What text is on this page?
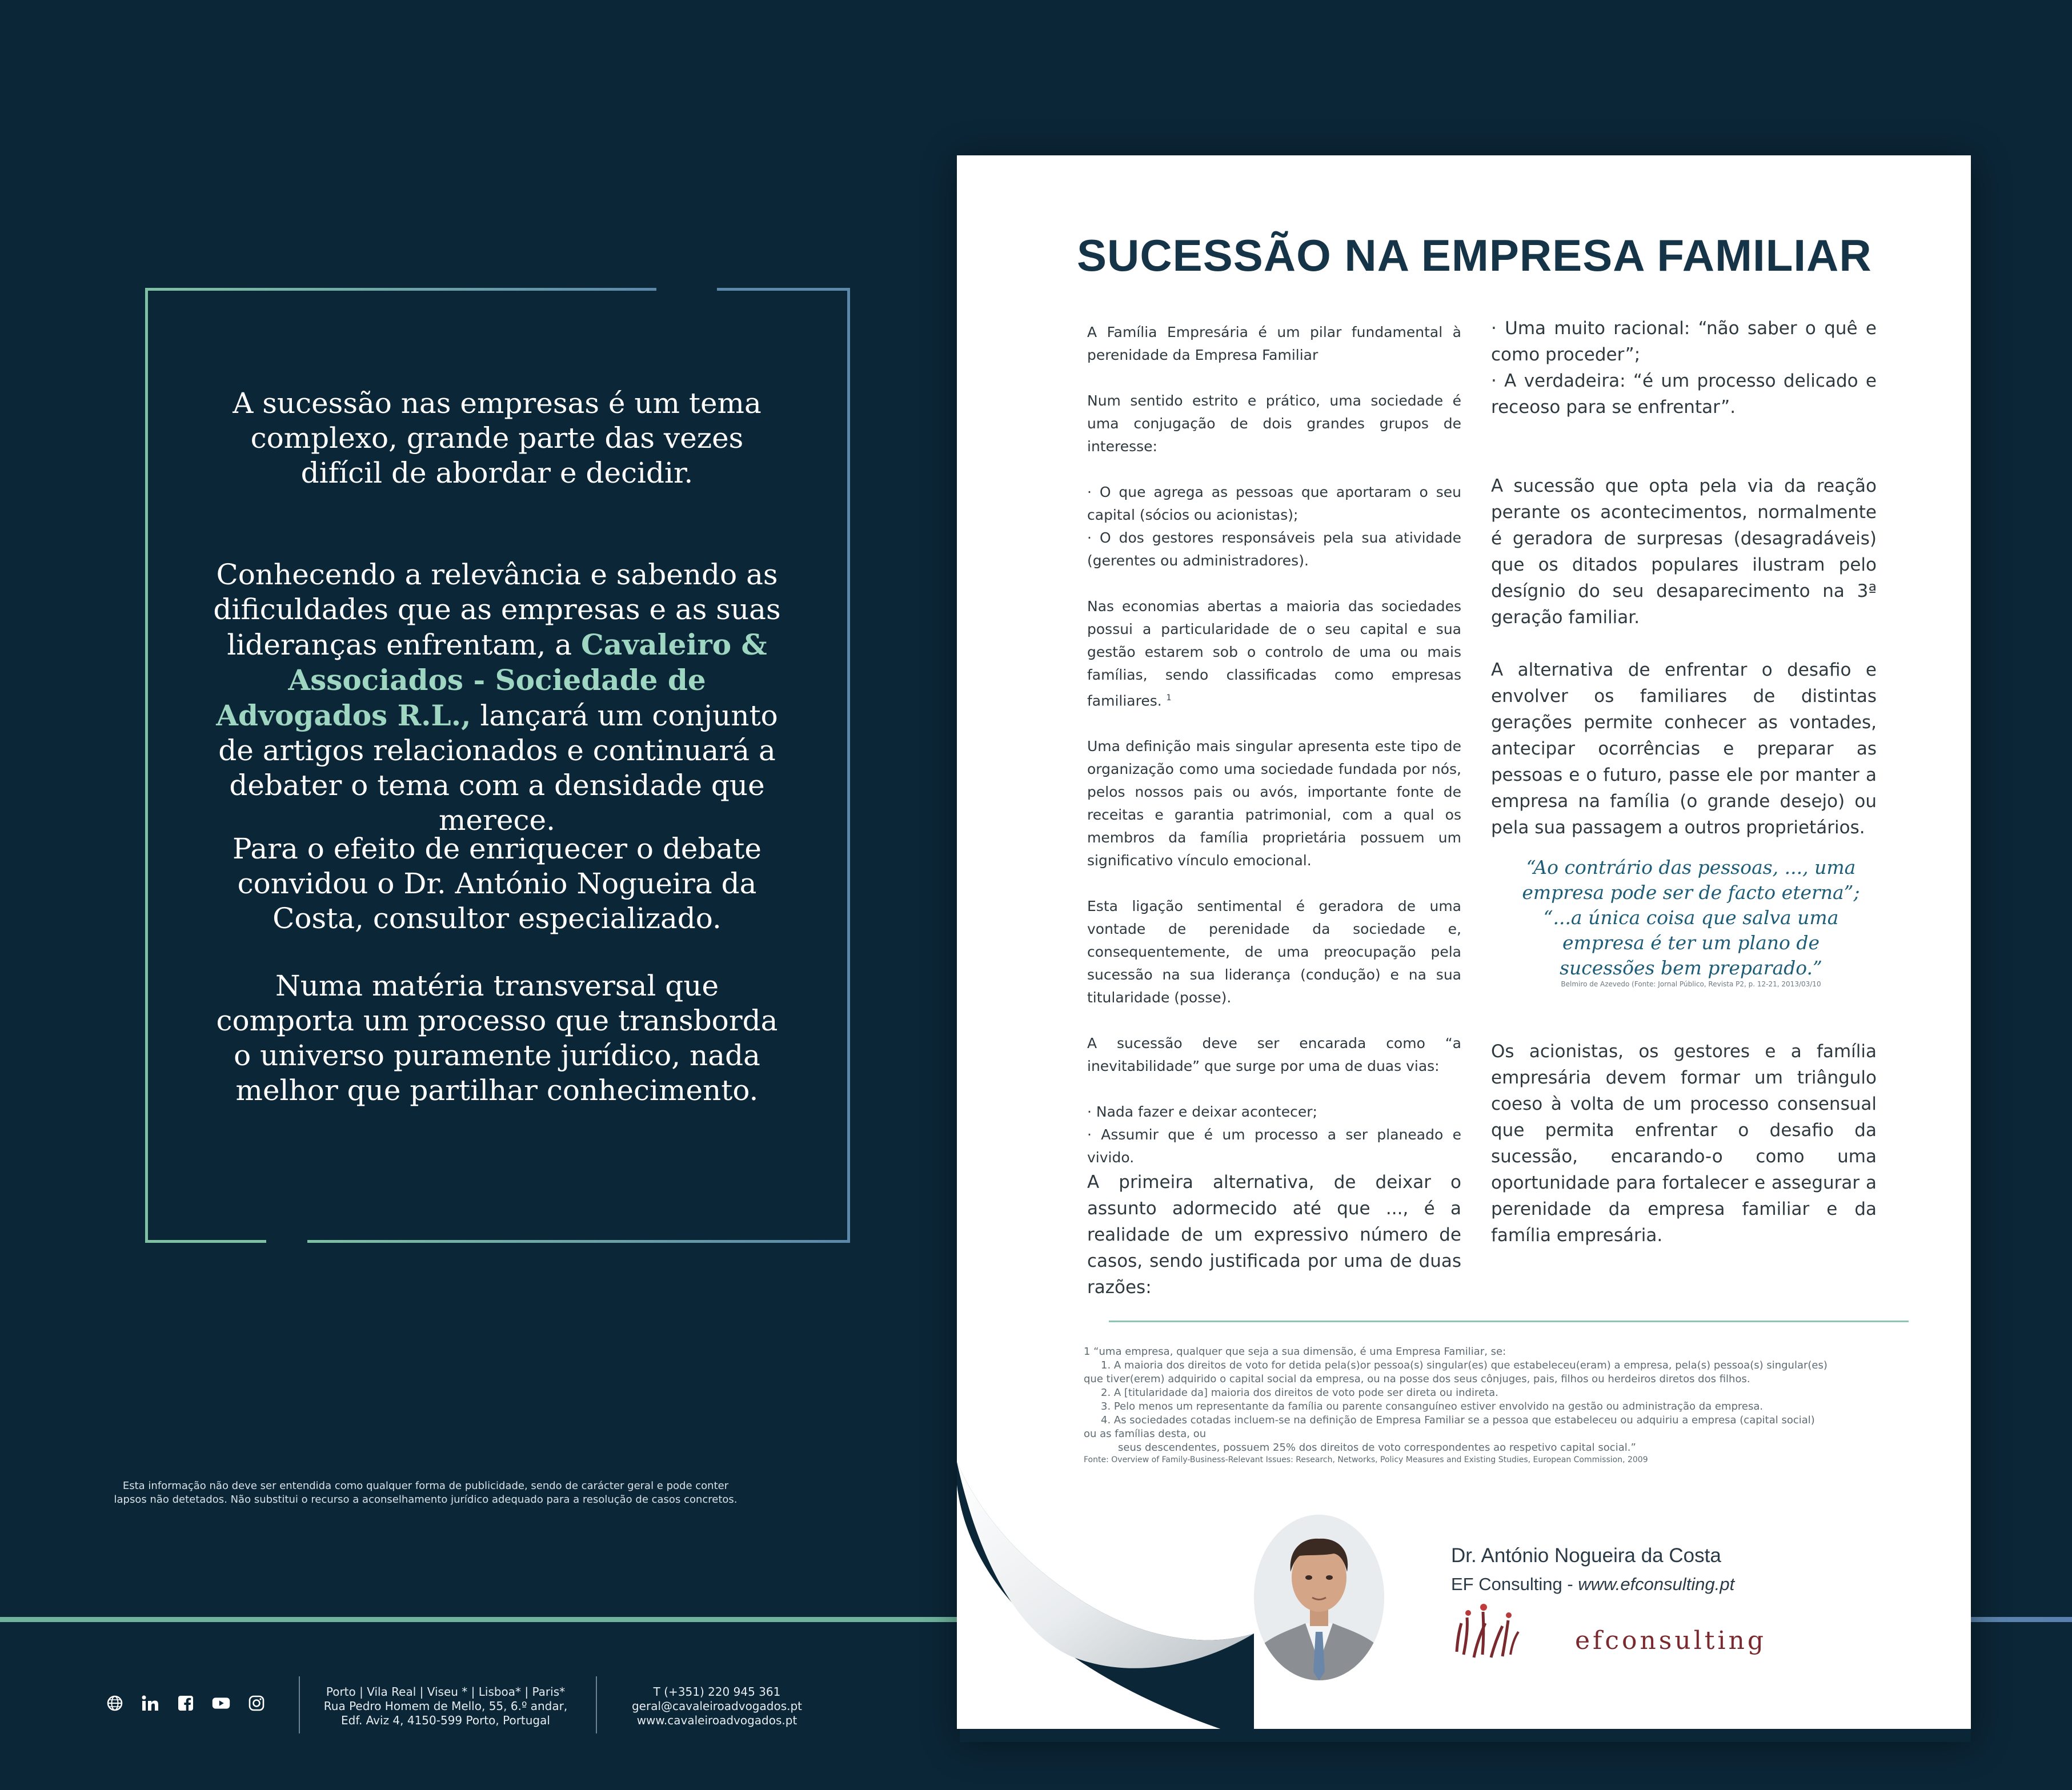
A sucessão nas empresas é um tema complexo, grande parte das vezes difícil de abordar e decidir.

Conhecendo a relevância e sabendo as dificuldades que as empresas e as suas lideranças enfrentam, a Cavaleiro & Associados - Sociedade de Advogados R.L., lançará um conjunto de artigos relacionados e continuará a debater o tema com a densidade que merece.

Para o efeito de enriquecer o debate convidou o Dr. António Nogueira da Costa, consultor especializado.

Numa matéria transversal que comporta um processo que transborda o universo puramente jurídico, nada melhor que partilhar conhecimento.

Esta informação não deve ser entendida como qualquer forma de publicidade, sendo de carácter geral e pode conter
lapsos não detetados. Não substitui o recurso a aconselhamento jurídico adequado para a resolução de casos concretos.
Porto | Vila Real | Viseu * | Lisboa* | Paris*
Rua Pedro Homem de Mello, 55, 6.º andar,
Edf. Aviz 4, 4150-599 Porto, Portugal
T (+351) 220 945 361
geral@cavaleiroadvogados.pt
www.cavaleiroadvogados.pt
SUCESSÃO NA EMPRESA FAMILIAR

A Família Empresária é um pilar fundamental à perenidade da Empresa Familiar

Num sentido estrito e prático, uma sociedade é uma conjugação de dois grandes grupos de interesse:

· O que agrega as pessoas que aportaram o seu capital (sócios ou acionistas);

· O dos gestores responsáveis pela sua atividade (gerentes ou administradores).

Nas economias abertas a maioria das sociedades possui a particularidade de o seu capital e sua gestão estarem sob o controlo de uma ou mais famílias, sendo classificadas como empresas familiares. $^1$

Uma definição mais singular apresenta este tipo de organização como uma sociedade fundada por nós, pelos nossos pais ou avós, importante fonte de receitas e garantia patrimonial, com a qual os membros da família proprietária possuem um significativo vínculo emocional.

Esta ligação sentimental é geradora de uma vontade de perenidade da sociedade e, consequentemente, de uma preocupação pela sucessão na sua liderança (condução) e na sua titularidade (posse).

A sucessão deve ser encarada como “a inevitabilidade” que surge por uma de duas vias:

· Nada fazer e deixar acontecer;

· Assumir que é um processo a ser planeado e vivido.

A primeira alternativa, de deixar o assunto adormecido até que ..., é a realidade de um expressivo número de casos, sendo justificada por uma de duas razões:

· Uma muito racional: “não saber o quê e como proceder”;

· A verdadeira: “é um processo delicado e receoso para se enfrentar”.

A sucessão que opta pela via da reação perante os acontecimentos, normalmente é geradora de surpresas (desagradáveis) que os ditados populares ilustram pelo desígnio do seu desaparecimento na 3ª geração familiar.

A alternativa de enfrentar o desafio e envolver os familiares de distintas gerações permite conhecer as vontades, antecipar ocorrências e preparar as pessoas e o futuro, passe ele por manter a empresa na família (o grande desejo) ou pela sua passagem a outros proprietários.

Os acionistas, os gestores e a família empresária devem formar um triângulo coeso à volta de um processo consensual que permita enfrentar o desafio da sucessão, encarando-o como uma oportunidade para fortalecer e assegurar a perenidade da empresa familiar e da família empresária.

“Ao contrário das pessoas, ..., uma empresa pode ser de facto eterna”; “...a única coisa que salva uma empresa é ter um plano de sucessões bem preparado.”

Belmiro de Azevedo (Fonte: Jornal Público, Revista P2, p. 12-21, 2013/03/10

1 “uma empresa, qualquer que seja a sua dimensão, é uma Empresa Familiar, se:

1. A maioria dos direitos de voto for detida pela(s)or pessoa(s) singular(es) que estabeleceu(eram) a empresa, pela(s) pessoa(s) singular(es)

que tiver(erem) adquirido o capital social da empresa, ou na posse dos seus cônjuges, pais, filhos ou herdeiros diretos dos filhos.

2. A [titularidade da] maioria dos direitos de voto pode ser direta ou indireta.

3. Pelo menos um representante da família ou parente consanguíneo estiver envolvido na gestão ou administração da empresa.

4. As sociedades cotadas incluem-se na definição de Empresa Familiar se a pessoa que estabeleceu ou adquiriu a empresa (capital social)

ou as famílias desta, ou

seus descendentes, possuem 25% dos direitos de voto correspondentes ao respetivo capital social.”

Fonte: Overview of Family-Business-Relevant Issues: Research, Networks, Policy Measures and Existing Studies, European Commission, 2009

Dr. António Nogueira da Costa

EF Consulting - www.efconsulting.pt

efconsulting
